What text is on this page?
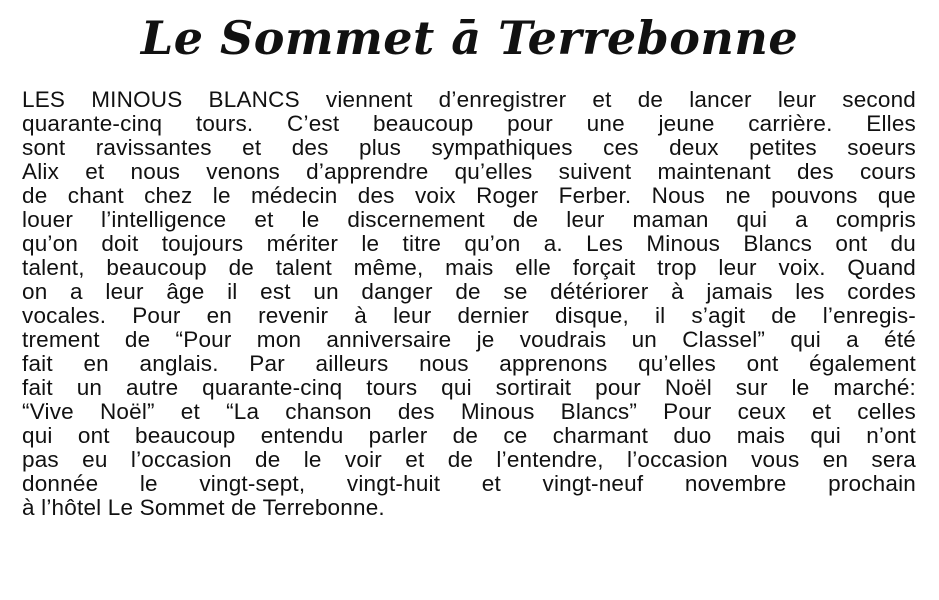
Le Sommet ā Terrebonne
LES MINOUS BLANCS viennent d’enregistrer et de lancer leur second
quarante-cinq tours. C’est beaucoup pour une jeune carrière. Elles
sont ravissantes et des plus sympathiques ces deux petites soeurs
Alix et nous venons d’apprendre qu’elles suivent maintenant des cours
de chant chez le médecin des voix Roger Ferber. Nous ne pouvons que
louer l’intelligence et le discernement de leur maman qui a compris
qu’on doit toujours mériter le titre qu’on a. Les Minous Blancs ont du
talent, beaucoup de talent même, mais elle forçait trop leur voix. Quand
on a leur âge il est un danger de se détériorer à jamais les cordes
vocales. Pour en revenir à leur dernier disque, il s’agit de l’enregis-
trement de “Pour mon anniversaire je voudrais un Classel” qui a été
fait en anglais. Par ailleurs nous apprenons qu’elles ont également
fait un autre quarante-cinq tours qui sortirait pour Noël sur le marché:
“Vive Noël” et “La chanson des Minous Blancs” Pour ceux et celles
qui ont beaucoup entendu parler de ce charmant duo mais qui n’ont
pas eu l’occasion de le voir et de l’entendre, l’occasion vous en sera
donnée le vingt-sept, vingt-huit et vingt-neuf novembre prochain
à l’hôtel Le Sommet de Terrebonne.
